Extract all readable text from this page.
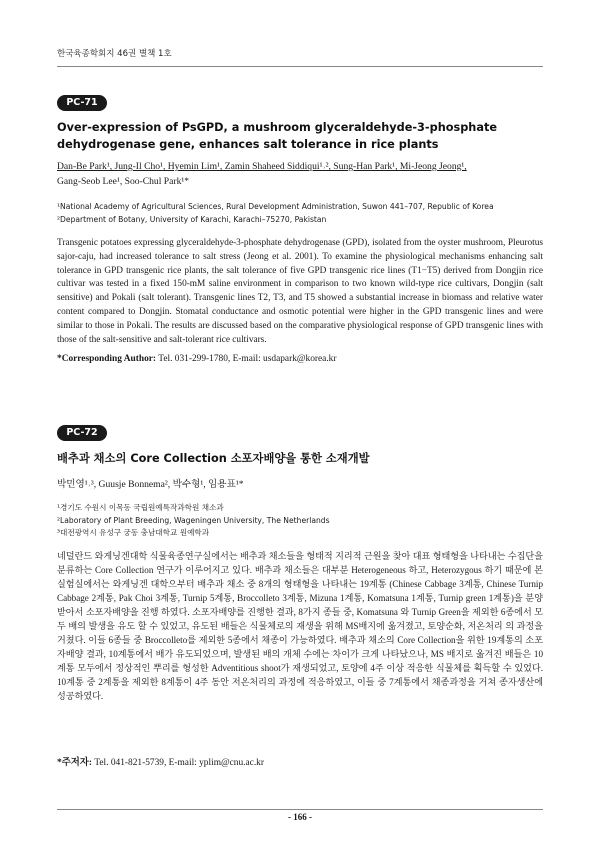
한국육종학회지 46권 별책 1호
PC-71
Over-expression of PsGPD, a mushroom glyceraldehyde-3-phosphate
dehydrogenase gene, enhances salt tolerance in rice plants
Dan-Be Park¹, Jung-Il Cho¹, Hyemin Lim¹, Zamin Shaheed Siddiqui¹˒², Sung-Han Park¹, Mi-Jeong Jeong¹,
Gang-Seob Lee¹, Soo-Chul Park¹*
¹National Academy of Agricultural Sciences, Rural Development Administration, Suwon 441–707, Republic of Korea
²Department of Botany, University of Karachi, Karachi–75270, Pakistan
Transgenic potatoes expressing glyceraldehyde-3-phosphate dehydrogenase (GPD), isolated from the oyster mushroom, Pleurotus sajor-caju, had increased tolerance to salt stress (Jeong et al. 2001). To examine the physiological mechanisms enhancing salt tolerance in GPD transgenic rice plants, the salt tolerance of five GPD transgenic rice lines (T1−T5) derived from Dongjin rice cultivar was tested in a fixed 150-mM saline environment in comparison to two known wild-type rice cultivars, Dongjin (salt sensitive) and Pokali (salt tolerant). Transgenic lines T2, T3, and T5 showed a substantial increase in biomass and relative water content compared to Dongjin. Stomatal conductance and osmotic potential were higher in the GPD transgenic lines and were similar to those in Pokali. The results are discussed based on the comparative physiological response of GPD transgenic lines with those of the salt-sensitive and salt-tolerant rice cultivars.
*Corresponding Author: Tel. 031-299-1780, E-mail: usdapark@korea.kr
PC-72
배추과 채소의 Core Collection 소포자배양을 통한 소재개발
박민영¹˒³, Guusje Bonnema², 박수형¹, 임용표¹*
¹경기도 수원시 이목동 국립원예특작과학원 채소과
²Laboratory of Plant Breeding, Wageningen University, The Netherlands
³대전광역시 유성구 궁동 충남대학교 원예학과
네덜란드 와게닝겐대학 식물육종연구실에서는 배추과 채소들을 형태적 지리적 근원을 찾아 대표 형태형을 나타내는 수집단을 분류하는 Core Collection 연구가 이루어지고 있다. 배추과 채소들은 대부분 Heterogeneous 하고, Heterozygous 하기 때문에 본 실험실에서는 와게닝겐 대학으부터 배추과 채소 중 8개의 형태형을 나타내는 19계통 (Chinese Cabbage 3계통, Chinese Turnip Cabbage 2계통, Pak Choi 3계통, Turnip 5계통, Broccolleto 3계통, Mizuna 1계통, Komatsuna 1계통, Turnip green 1계통)을 분양 받아서 소포자배양을 진행 하였다. 소포자배양를 진행한 결과, 8가지 종들 중, Komatsuna 와 Turnip Green을 제외한 6종에서 모두 배의 발생을 유도 할 수 있었고, 유도된 배들은 식물체로의 재생을 위해 MS배지에 옮겨졌고, 토양순화, 저온처리 의 과정을 거쳤다. 이들 6종들 중 Broccolleto를 제외한 5종에서 채종이 가능하였다. 배추과 채소의 Core Collection을 위한 19계통의 소포자배양 결과, 10계통에서 배가 유도되었으며, 발생된 배의 개체 수에는 차이가 크게 나타났으나, MS 배지로 옮겨진 배들은 10계통 모두에서 정상적인 뿌리를 형성한 Adventitious shoot가 재생되었고, 토양에 4주 이상 적응한 식물체를 획득할 수 있었다. 10계통 중 2계통을 제외한 8계통이 4주 동안 저온처리의 과정에 적응하였고, 이들 중 7계통에서 채종과정을 거쳐 종자생산에 성공하였다.
*주저자: Tel. 041-821-5739, E-mail: yplim@cnu.ac.kr
- 166 -
